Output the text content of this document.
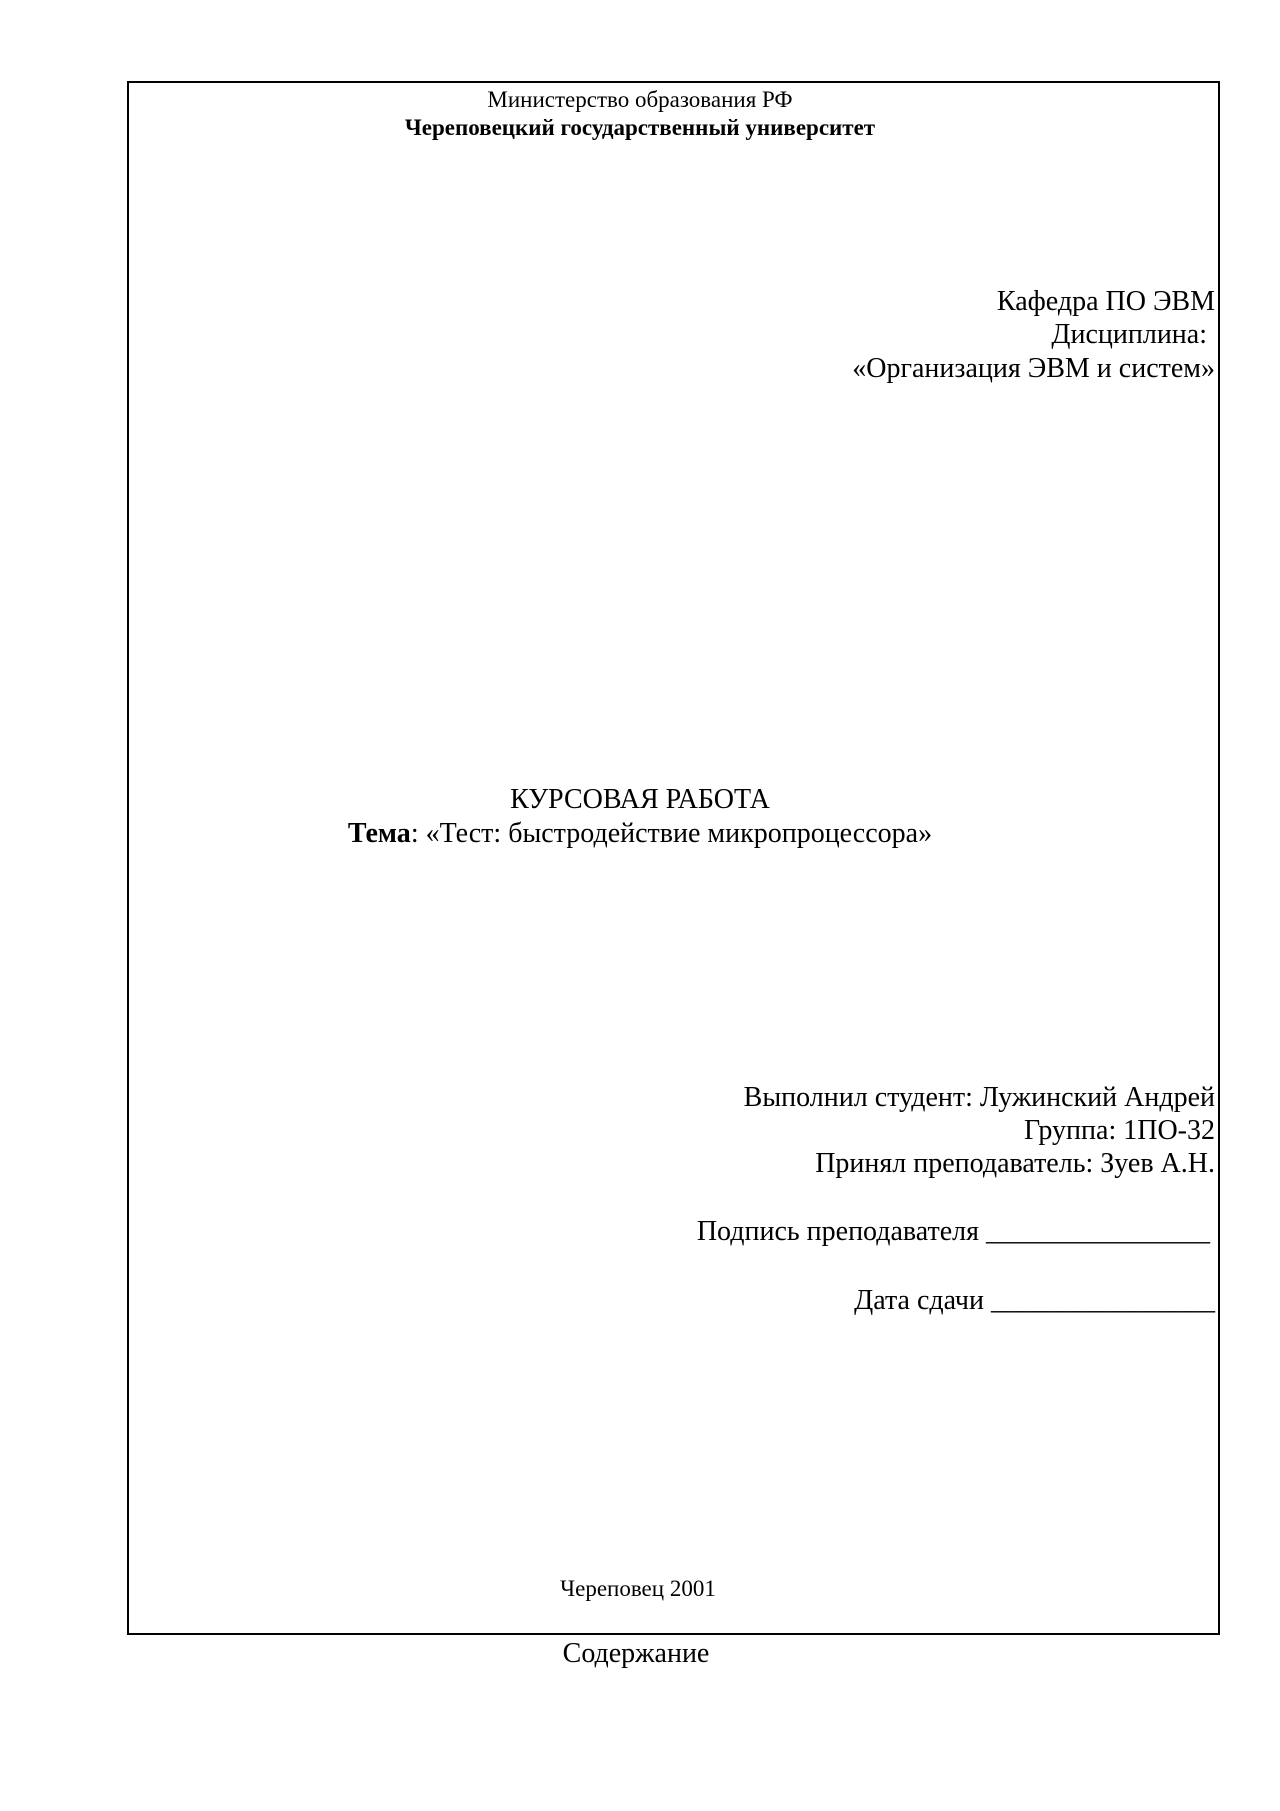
Министерство образования РФ
Череповецкий государственный университет
Кафедра ПО ЭВМ
Дисциплина:
«Организация ЭВМ и систем»
КУРСОВАЯ РАБОТА
Тема: «Тест: быстродействие микропроцессора»
Выполнил студент: Лужинский Андрей
Группа: 1ПО-32
Принял преподаватель: Зуев А.Н.
Подпись преподавателя ________________
Дата сдачи ________________
Череповец 2001
Содержание
